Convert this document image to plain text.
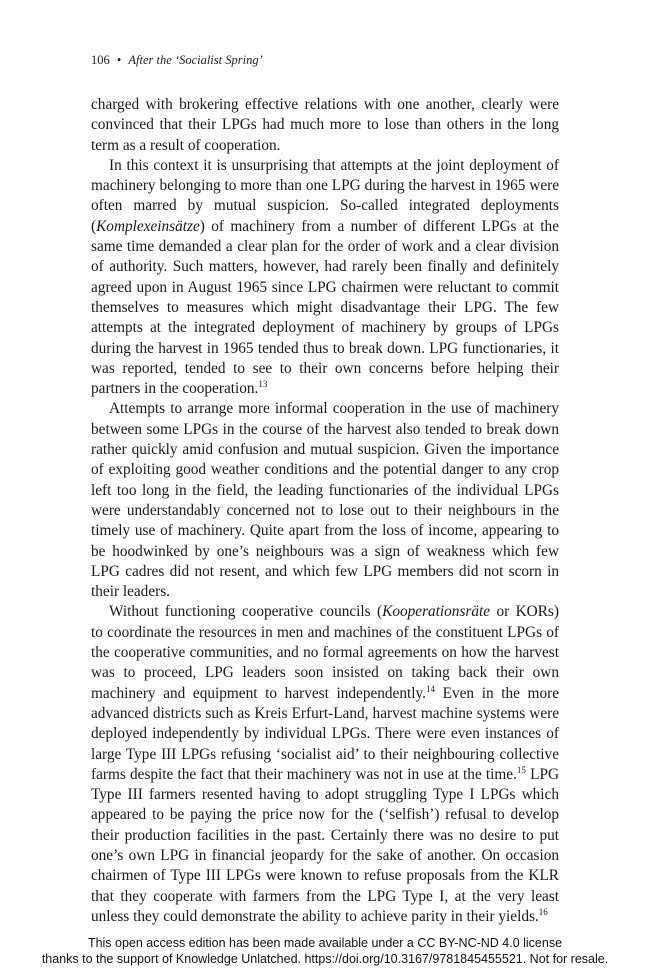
106 • After the ‘Socialist Spring’

charged with brokering effective relations with one another, clearly were convinced that their LPGs had much more to lose than others in the long term as a result of cooperation.

In this context it is unsurprising that attempts at the joint deployment of machinery belonging to more than one LPG during the harvest in 1965 were often marred by mutual suspicion. So-called integrated deployments (Komplexeinsätze) of machinery from a number of different LPGs at the same time demanded a clear plan for the order of work and a clear division of authority. Such matters, however, had rarely been finally and definitely agreed upon in August 1965 since LPG chairmen were reluctant to commit themselves to measures which might disadvantage their LPG. The few attempts at the integrated deployment of machinery by groups of LPGs during the harvest in 1965 tended thus to break down. LPG functionaries, it was reported, tended to see to their own concerns before helping their partners in the cooperation.$^{13}$

Attempts to arrange more informal cooperation in the use of machinery between some LPGs in the course of the harvest also tended to break down rather quickly amid confusion and mutual suspicion. Given the importance of exploiting good weather conditions and the potential danger to any crop left too long in the field, the leading functionaries of the individual LPGs were understandably concerned not to lose out to their neighbours in the timely use of machinery. Quite apart from the loss of income, appearing to be hoodwinked by one’s neighbours was a sign of weakness which few LPG cadres did not resent, and which few LPG members did not scorn in their leaders.

Without functioning cooperative councils (Kooperationsräte or KORs) to coordinate the resources in men and machines of the constituent LPGs of the cooperative communities, and no formal agreements on how the harvest was to proceed, LPG leaders soon insisted on taking back their own machinery and equipment to harvest independently.$^{14}$ Even in the more advanced districts such as Kreis Erfurt-Land, harvest machine systems were deployed independently by individual LPGs. There were even instances of large Type III LPGs refusing ‘socialist aid’ to their neighbouring collective farms despite the fact that their machinery was not in use at the time.$^{15}$ LPG Type III farmers resented having to adopt struggling Type I LPGs which appeared to be paying the price now for the (‘selfish’) refusal to develop their production facilities in the past. Certainly there was no desire to put one’s own LPG in financial jeopardy for the sake of another. On occasion chairmen of Type III LPGs were known to refuse proposals from the KLR that they cooperate with farmers from the LPG Type I, at the very least unless they could demonstrate the ability to achieve parity in their yields.$^{16}$

This open access edition has been made available under a CC BY-NC-ND 4.0 license
thanks to the support of Knowledge Unlatched. https://doi.org/10.3167/9781845455521. Not for resale.
